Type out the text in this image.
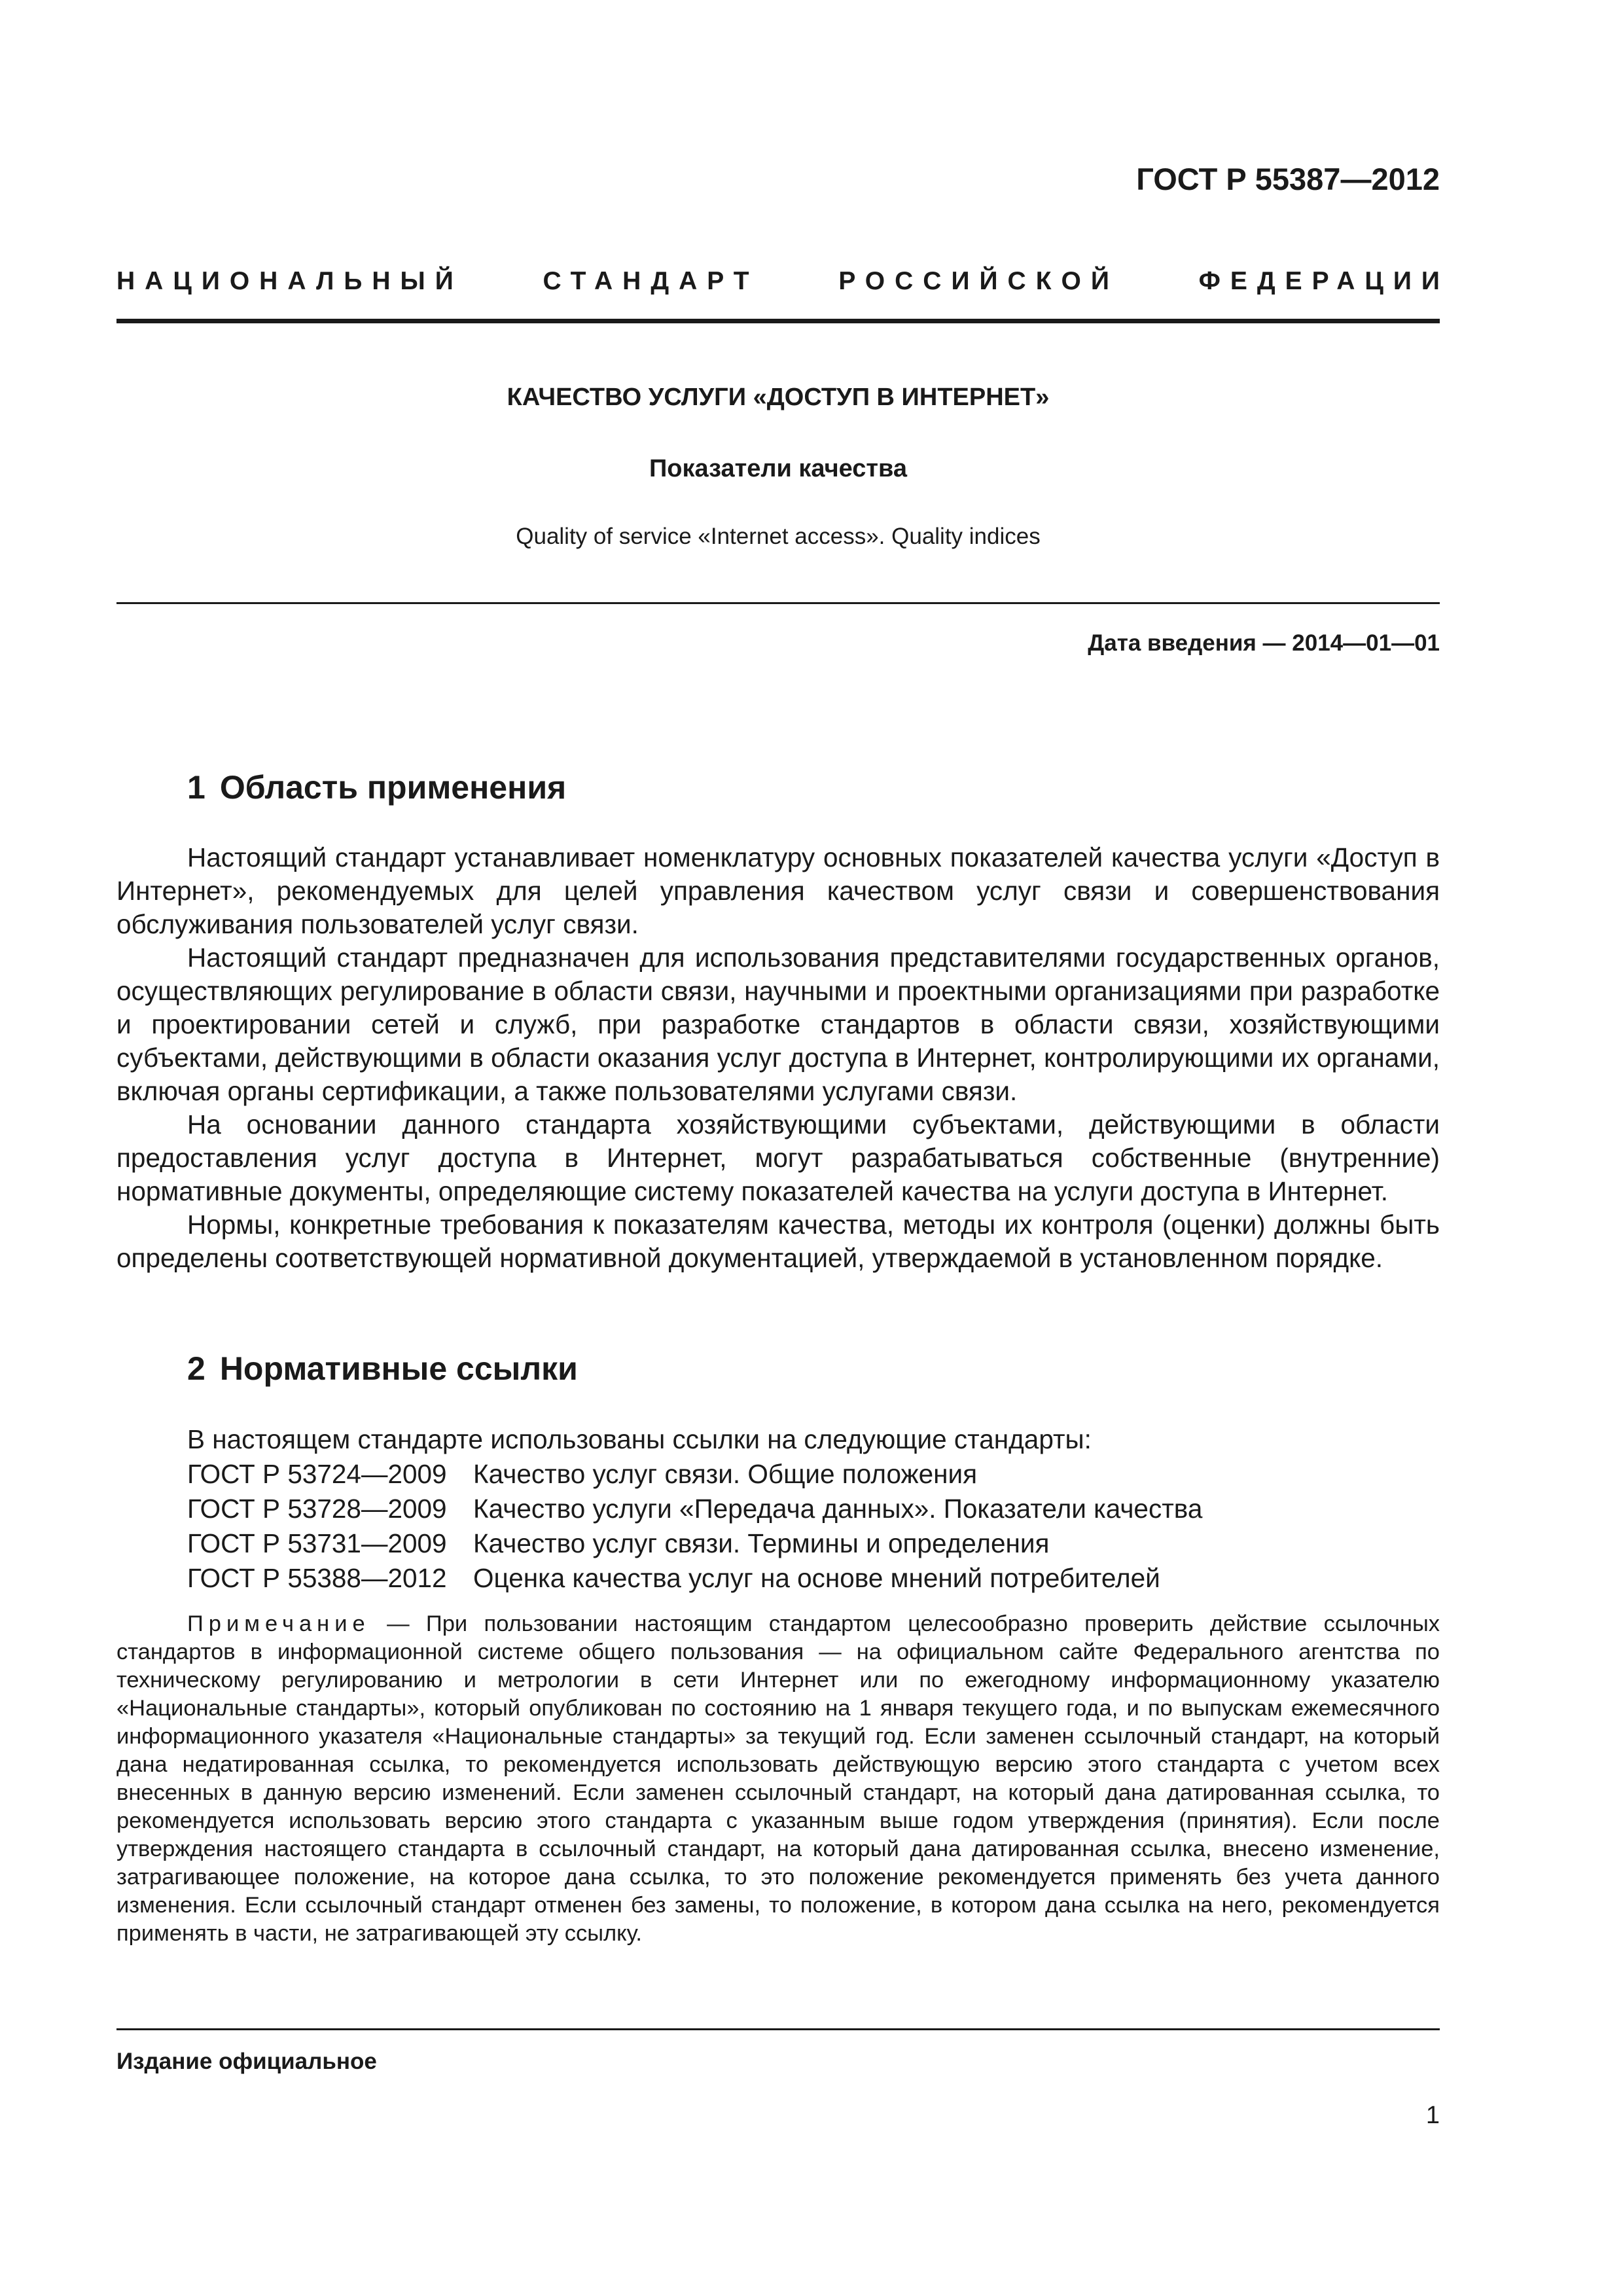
ГОСТ Р 55387—2012
НАЦИОНАЛЬНЫЙ	СТАНДАРТ	РОССИЙСКОЙ	ФЕДЕРАЦИИ
КАЧЕСТВО УСЛУГИ «ДОСТУП В ИНТЕРНЕТ»
Показатели качества
Quality of service «Internet access». Quality indices
Дата введения — 2014—01—01
1 Область применения

Настоящий стандарт устанавливает номенклатуру основных показателей качества услуги «Доступ в Интернет», рекомендуемых для целей управления качеством услуг связи и совершенствования обслуживания пользователей услуг связи.

Настоящий стандарт предназначен для использования представителями государственных органов, осуществляющих регулирование в области связи, научными и проектными организациями при разработке и проектировании сетей и служб, при разработке стандартов в области связи, хозяйствующими субъектами, действующими в области оказания услуг доступа в Интернет, контролирующими их органами, включая органы сертификации, а также пользователями услугами связи.

На основании данного стандарта хозяйствующими субъектами, действующими в области предоставления услуг доступа в Интернет, могут разрабатываться собственные (внутренние) нормативные документы, определяющие систему показателей качества на услуги доступа в Интернет.

Нормы, конкретные требования к показателям качества, методы их контроля (оценки) должны быть определены соответствующей нормативной документацией, утверждаемой в установленном порядке.

2 Нормативные ссылки
В настоящем стандарте использованы ссылки на следующие стандарты:
ГОСТ Р 53724—2009 Качество услуг связи. Общие положения
ГОСТ Р 53728—2009 Качество услуги «Передача данных». Показатели качества
ГОСТ Р 53731—2009 Качество услуг связи. Термины и определения
ГОСТ Р 55388—2012 Оценка качества услуг на основе мнений потребителей
Примечание — При пользовании настоящим стандартом целесообразно проверить действие ссылочных стандартов в информационной системе общего пользования — на официальном сайте Федерального агентства по техническому регулированию и метрологии в сети Интернет или по ежегодному информационному указателю «Национальные стандарты», который опубликован по состоянию на 1 января текущего года, и по выпускам ежемесячного информационного указателя «Национальные стандарты» за текущий год. Если заменен ссылочный стандарт, на который дана недатированная ссылка, то рекомендуется использовать действующую версию этого стандарта с учетом всех внесенных в данную версию изменений. Если заменен ссылочный стандарт, на который дана датированная ссылка, то рекомендуется использовать версию этого стандарта с указанным выше годом утверждения (принятия). Если после утверждения настоящего стандарта в ссылочный стандарт, на который дана датированная ссылка, внесено изменение, затрагивающее положение, на которое дана ссылка, то это положение рекомендуется применять без учета данного изменения. Если ссылочный стандарт отменен без замены, то положение, в котором дана ссылка на него, рекомендуется применять в части, не затрагивающей эту ссылку.
Издание официальное
1
